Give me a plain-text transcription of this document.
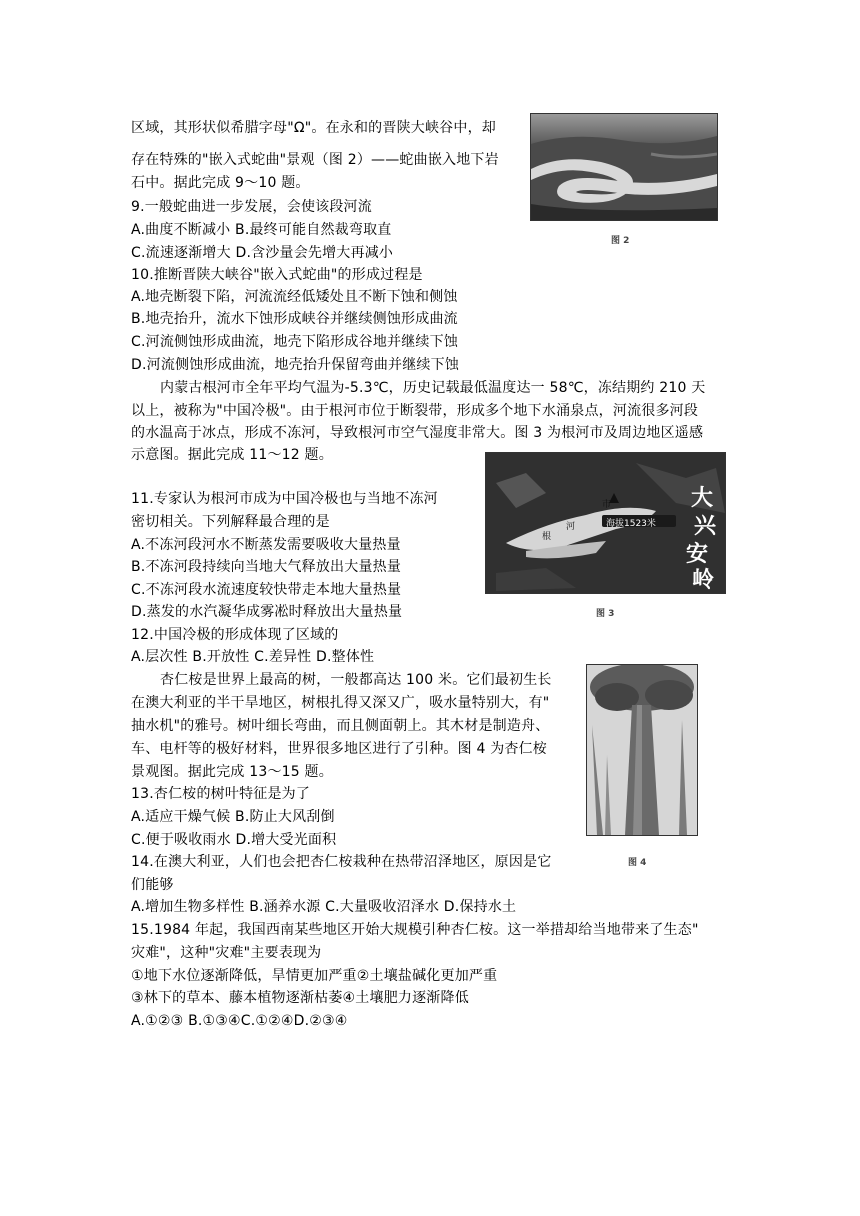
区域，其形状似希腊字母"Ω"。在永和的晋陕大峡谷中，却
存在特殊的"嵌入式蛇曲"景观（图 2）——蛇曲嵌入地下岩
石中。据此完成 9～10 题。
9.一般蛇曲进一步发展，会使该段河流
A.曲度不断减小 B.最终可能自然裁弯取直
C.流速逐渐增大 D.含沙量会先增大再减小
10.推断晋陕大峡谷"嵌入式蛇曲"的形成过程是
A.地壳断裂下陷，河流流经低矮处且不断下蚀和侧蚀
B.地壳抬升，流水下蚀形成峡谷并继续侧蚀形成曲流
C.河流侧蚀形成曲流，地壳下陷形成谷地并继续下蚀
D.河流侧蚀形成曲流，地壳抬升保留弯曲并继续下蚀
内蒙古根河市全年平均气温为-5.3℃，历史记载最低温度达一 58℃，冻结期约 210 天
以上，被称为"中国冷极"。由于根河市位于断裂带，形成多个地下水涌泉点，河流很多河段
的水温高于冰点，形成不冻河，导致根河市空气湿度非常大。图 3 为根河市及周边地区遥感
示意图。据此完成 11～12 题。
11.专家认为根河市成为中国冷极也与当地不冻河
密切相关。下列解释最合理的是
A.不冻河段河水不断蒸发需要吸收大量热量
B.不冻河段持续向当地大气释放出大量热量
C.不冻河段水流速度较快带走本地大量热量
D.蒸发的水汽凝华成雾凇时释放出大量热量
12.中国冷极的形成体现了区域的
A.层次性 B.开放性 C.差异性 D.整体性
杏仁桉是世界上最高的树，一般都高达 100 米。它们最初生长
在澳大利亚的半干旱地区，树根扎得又深又广，吸水量特别大，有"
抽水机"的雅号。树叶细长弯曲，而且侧面朝上。其木材是制造舟、
车、电杆等的极好材料，世界很多地区进行了引种。图 4 为杏仁桉
景观图。据此完成 13～15 题。
13.杏仁桉的树叶特征是为了
A.适应干燥气候 B.防止大风刮倒
C.便于吸收雨水 D.增大受光面积
14.在澳大利亚，人们也会把杏仁桉栽种在热带沼泽地区，原因是它
们能够
A.增加生物多样性 B.涵养水源 C.大量吸收沼泽水 D.保持水土
15.1984 年起，我国西南某些地区开始大规模引种杏仁桉。这一举措却给当地带来了生态"
灾难"，这种"灾难"主要表现为
①地下水位逐渐降低，旱情更加严重②土壤盐碱化更加严重
③林下的草本、藤本植物逐渐枯萎④土壤肥力逐渐降低
A.①②③ B.①③④C.①②④D.②③④
图 2
市
河
根
海拔1523米
大
兴
安
岭
图 3
图 4
